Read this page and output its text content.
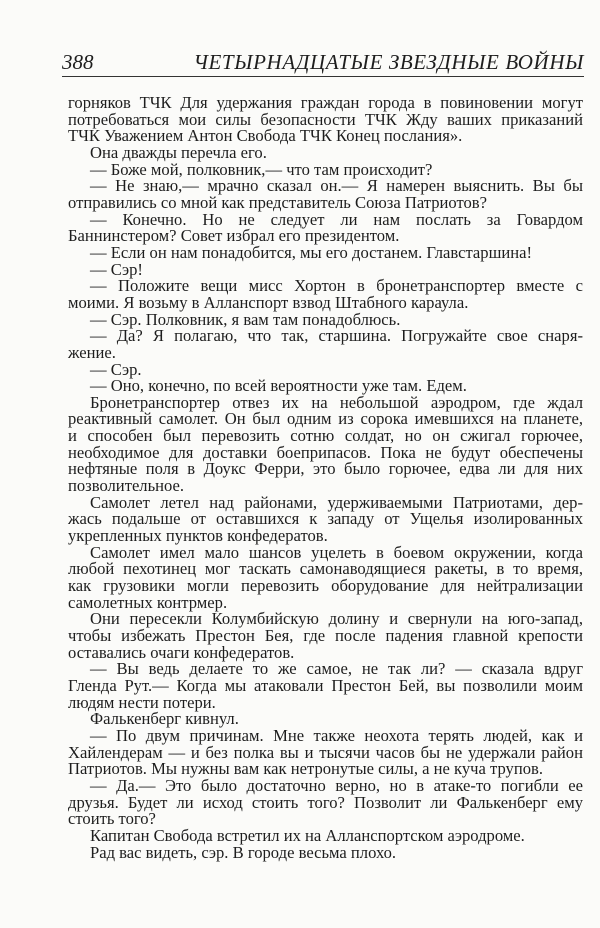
388	ЧЕТЫРНАДЦАТЫЕ ЗВЕЗДНЫЕ ВОЙНЫ
горняков ТЧК Для удержания граждан города в повиновении могут
потребоваться мои силы безопасности ТЧК Жду ваших приказаний
ТЧК Уважением Антон Свобода ТЧК Конец послания».
Она дважды перечла его.
— Боже мой, полковник,— что там происходит?
— Не знаю,— мрачно сказал он.— Я намерен выяснить. Вы бы
отправились со мной как представитель Союза Патриотов?
— Конечно. Но не следует ли нам послать за Говардом
Баннинстером? Совет избрал его президентом.
— Если он нам понадобится, мы его достанем. Главстаршина!
— Сэр!
— Положите вещи мисс Хортон в бронетранспортер вместе с
моими. Я возьму в Алланспорт взвод Штабного караула.
— Сэр. Полковник, я вам там понадоблюсь.
— Да? Я полагаю, что так, старшина. Погружайте свое снаря-
жение.
— Сэр.
— Оно, конечно, по всей вероятности уже там. Едем.
Бронетранспортер отвез их на небольшой аэродром, где ждал
реактивный самолет. Он был одним из сорока имевшихся на планете,
и способен был перевозить сотню солдат, но он сжигал горючее,
необходимое для доставки боеприпасов. Пока не будут обеспечены
нефтяные поля в Доукс Ферри, это было горючее, едва ли для них
позволительное.
Самолет летел над районами, удерживаемыми Патриотами, дер-
жась подальше от оставшихся к западу от Ущелья изолированных
укрепленных пунктов конфедератов.
Самолет имел мало шансов уцелеть в боевом окружении, когда
любой пехотинец мог таскать самонаводящиеся ракеты, в то время,
как грузовики могли перевозить оборудование для нейтрализации
самолетных контрмер.
Они пересекли Колумбийскую долину и свернули на юго-запад,
чтобы избежать Престон Бея, где после падения главной крепости
оставались очаги конфедератов.
— Вы ведь делаете то же самое, не так ли? — сказала вдруг
Гленда Рут.— Когда мы атаковали Престон Бей, вы позволили моим
людям нести потери.
Фалькенберг кивнул.
— По двум причинам. Мне также неохота терять людей, как и
Хайлендерам — и без полка вы и тысячи часов бы не удержали район
Патриотов. Мы нужны вам как нетронутые силы, а не куча трупов.
— Да.— Это было достаточно верно, но в атаке-то погибли ее
друзья. Будет ли исход стоить того? Позволит ли Фалькенберг ему
стоить того?
Капитан Свобода встретил их на Алланспортском аэродроме.
Рад вас видеть, сэр. В городе весьма плохо.
